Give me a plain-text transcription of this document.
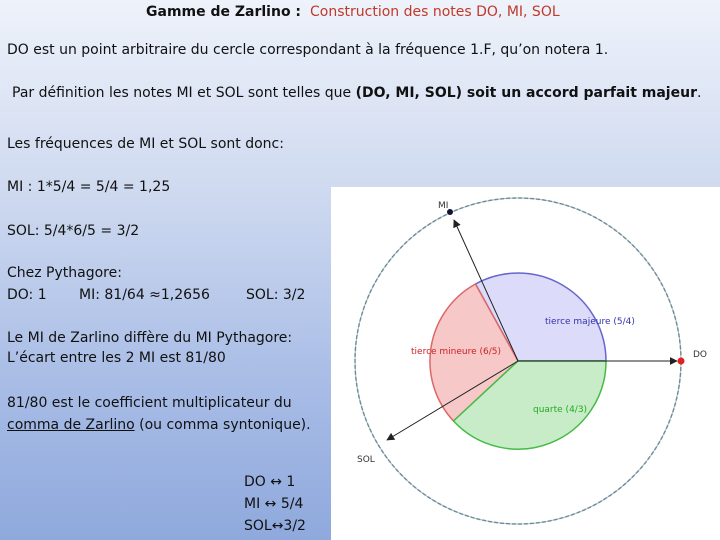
Gamme de Zarlino : Construction des notes DO, MI, SOL
DO est un point arbitraire du cercle correspondant à la fréquence 1.F, qu’on notera 1.
Par définition les notes MI et SOL sont telles que (DO, MI, SOL) soit un accord parfait majeur.
Les fréquences de MI et SOL sont donc:
MI : 1*5/4 = 5/4 = 1,25
SOL: 5/4*6/5 = 3/2
Chez Pythagore:
DO: 1 MI: 81/64 ≈1,2656	SOL: 3/2
Le MI de Zarlino diffère du MI Pythagore:
L’écart entre les 2 MI est 81/80
81/80 est le coefficient multiplicateur du
comma de Zarlino (ou comma syntonique).
DO ↔ 1
MI ↔ 5/4
SOL↔3/2
MI
DO
SOL
tierce majeure (5/4)
tierce mineure (6/5)
quarte (4/3)
